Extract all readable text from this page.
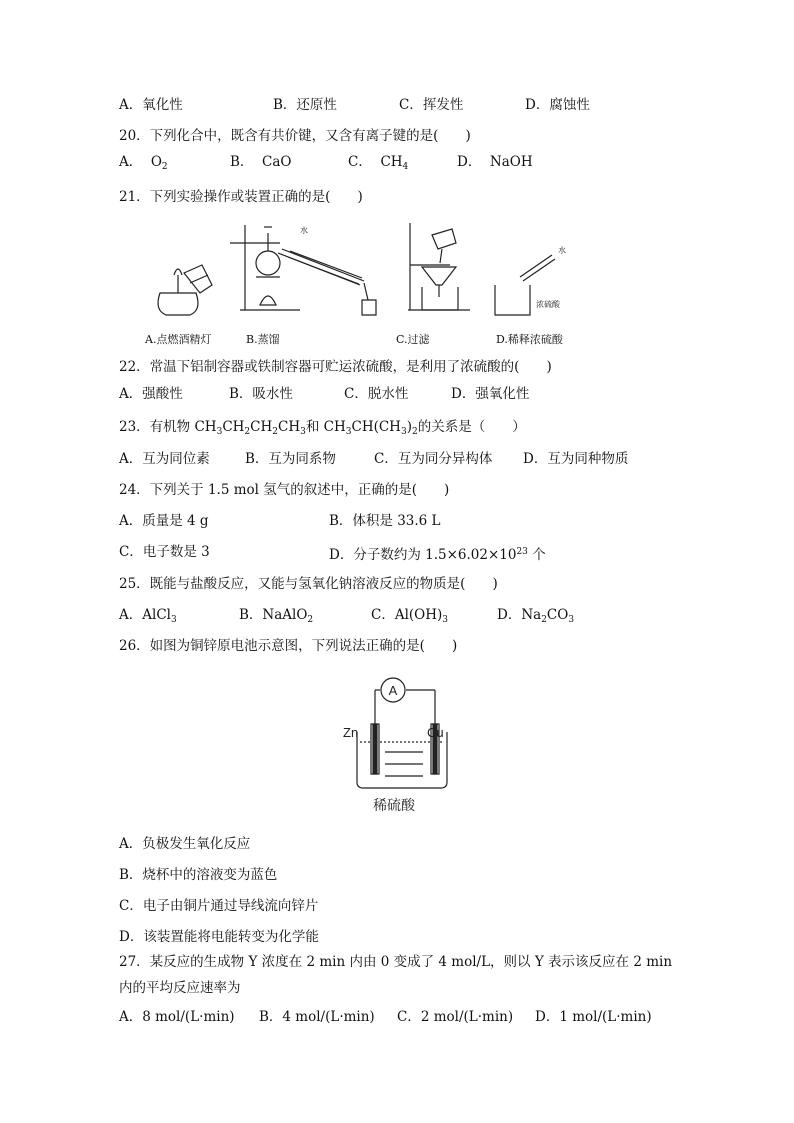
A．氧化性	B．还原性	C．挥发性	D．腐蚀性
20．下列化合中，既含有共价键，又含有离子键的是(　　)
A． $O_2$	B． CaO	C． $CH_4$	D． NaOH
21．下列实验操作或装置正确的是(　　)
水
水
浓硫酸
A.点燃酒精灯	B.蒸馏	C.过滤	D.稀释浓硫酸
22．常温下铝制容器或铁制容器可贮运浓硫酸，是利用了浓硫酸的(　　)
A．强酸性	B．吸水性	C．脱水性	D．强氧化性
23．有机物 $CH_3CH_2CH_2CH_3$和 $CH_3CH(CH_3)_2$的关系是（　　）
A．互为同位素	B．互为同系物	C．互为同分异构体 D．互为同种物质
24．下列关于 1.5 mol 氢气的叙述中，正确的是(　　)
A．质量是 4 g	B．体积是 33.6 L
C．电子数是 3	D．分子数约为 $1.5\times 6.02\times 10^{23}$ 个
25．既能与盐酸反应，又能与氢氧化钠溶液反应的物质是(　　)
A．AlCl$_3$	B．NaAlO$_2$	C．$Al(OH)_3$	D．$Na_2CO_3$
26．如图为铜锌原电池示意图，下列说法正确的是(　　)
A
Zn	Cu
稀硫酸
A．负极发生氧化反应
B．烧杯中的溶液变为蓝色
C．电子由铜片通过导线流向锌片
D．该装置能将电能转变为化学能
27．某反应的生成物 Y 浓度在 2 min 内由 0 变成了 4 mol/L，则以 Y 表示该反应在 2 min
内的平均反应速率为
A．8 mol/(L·min) B．4 mol/(L·min) C．2 mol/(L·min) D．1 mol/(L·min)
